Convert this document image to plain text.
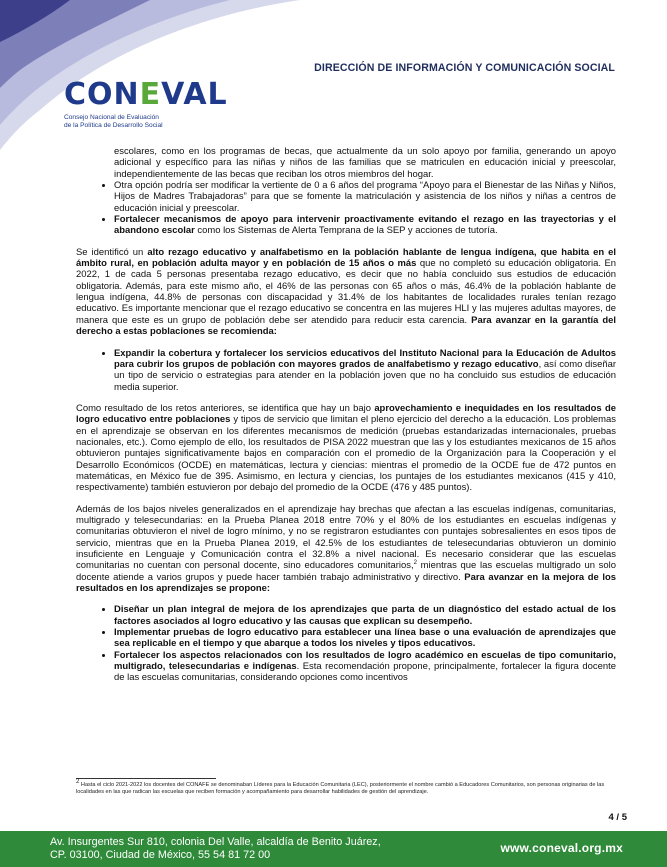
DIRECCIÓN DE INFORMACIÓN Y COMUNICACIÓN SOCIAL
CONEVAL
Consejo Nacional de Evaluación
de la Política de Desarrollo Social
escolares, como en los programas de becas, que actualmente da un solo apoyo por familia, generando un apoyo adicional y específico para las niñas y niños de las familias que se matriculen en educación inicial y preescolar, independientemente de las becas que reciban los otros miembros del hogar.
• Otra opción podría ser modificar la vertiente de 0 a 6 años del programa “Apoyo para el Bienestar de las Niñas y Niños, Hijos de Madres Trabajadoras” para que se fomente la matriculación y asistencia de los niños y niñas a centros de educación inicial y preescolar.
• Fortalecer mecanismos de apoyo para intervenir proactivamente evitando el rezago en las trayectorias y el abandono escolar como los Sistemas de Alerta Temprana de la SEP y acciones de tutoría.

Se identificó un alto rezago educativo y analfabetismo en la población hablante de lengua indígena, que habita en el ámbito rural, en población adulta mayor y en población de 15 años o más que no completó su educación obligatoria. En 2022, 1 de cada 5 personas presentaba rezago educativo, es decir que no había concluido sus estudios de educación obligatoria. Además, para este mismo año, el 46% de las personas con 65 años o más, 46.4% de la población hablante de lengua indígena, 44.8% de personas con discapacidad y 31.4% de los habitantes de localidades rurales tenían rezago educativo. Es importante mencionar que el rezago educativo se concentra en las mujeres HLI y las mujeres adultas mayores, de manera que este es un grupo de población debe ser atendido para reducir esta carencia. Para avanzar en la garantía del derecho a estas poblaciones se recomienda:

• Expandir la cobertura y fortalecer los servicios educativos del Instituto Nacional para la Educación de Adultos para cubrir los grupos de población con mayores grados de analfabetismo y rezago educativo, así como diseñar un tipo de servicio o estrategias para atender en la población joven que no ha concluido sus estudios de educación media superior.

Como resultado de los retos anteriores, se identifica que hay un bajo aprovechamiento e inequidades en los resultados de logro educativo entre poblaciones y tipos de servicio que limitan el pleno ejercicio del derecho a la educación. Los problemas en el aprendizaje se observan en los diferentes mecanismos de medición (pruebas estandarizadas internacionales, pruebas nacionales, etc.). Como ejemplo de ello, los resultados de PISA 2022 muestran que las y los estudiantes mexicanos de 15 años obtuvieron puntajes significativamente bajos en comparación con el promedio de la Organización para la Cooperación y el Desarrollo Económicos (OCDE) en matemáticas, lectura y ciencias: mientras el promedio de la OCDE fue de 472 puntos en matemáticas, en México fue de 395. Asimismo, en lectura y ciencias, los puntajes de los estudiantes mexicanos (415 y 410, respectivamente) también estuvieron por debajo del promedio de la OCDE (476 y 485 puntos).

Además de los bajos niveles generalizados en el aprendizaje hay brechas que afectan a las escuelas indígenas, comunitarias, multigrado y telesecundarias: en la Prueba Planea 2018 entre 70% y el 80% de los estudiantes en escuelas indígenas y comunitarias obtuvieron el nivel de logro mínimo, y no se registraron estudiantes con puntajes sobresalientes en esos tipos de servicio, mientras que en la Prueba Planea 2019, el 42.5% de los estudiantes de telesecundarias obtuvieron un dominio insuficiente en Lenguaje y Comunicación contra el 32.8% a nivel nacional. Es necesario considerar que las escuelas comunitarias no cuentan con personal docente, sino educadores comunitarios,$^2$ mientras que las escuelas multigrado un solo docente atiende a varios grupos y puede hacer también trabajo administrativo y directivo. Para avanzar en la mejora de los resultados en los aprendizajes se propone:

• Diseñar un plan integral de mejora de los aprendizajes que parta de un diagnóstico del estado actual de los factores asociados al logro educativo y las causas que explican su desempeño.
• Implementar pruebas de logro educativo para establecer una línea base o una evaluación de aprendizajes que sea replicable en el tiempo y que abarque a todos los niveles y tipos educativos.
• Fortalecer los aspectos relacionados con los resultados de logro académico en escuelas de tipo comunitario, multigrado, telesecundarias e indígenas. Esta recomendación propone, principalmente, fortalecer la figura docente de las escuelas comunitarias, considerando opciones como incentivos
$^2$ Hasta el ciclo 2021-2022 los docentes del CONAFE se denominaban Líderes para la Educación Comunitaria (LEC), posteriormente el nombre cambió a Educadores Comunitarios, son personas originarias de las localidades en las que radican las escuelas que reciben formación y acompañamiento para desarrollar habilidades de gestión del aprendizaje.
4 / 5
Av. Insurgentes Sur 810, colonia Del Valle, alcaldía de Benito Juárez,
CP. 03100, Ciudad de México, 55 54 81 72 00	www.coneval.org.mx
